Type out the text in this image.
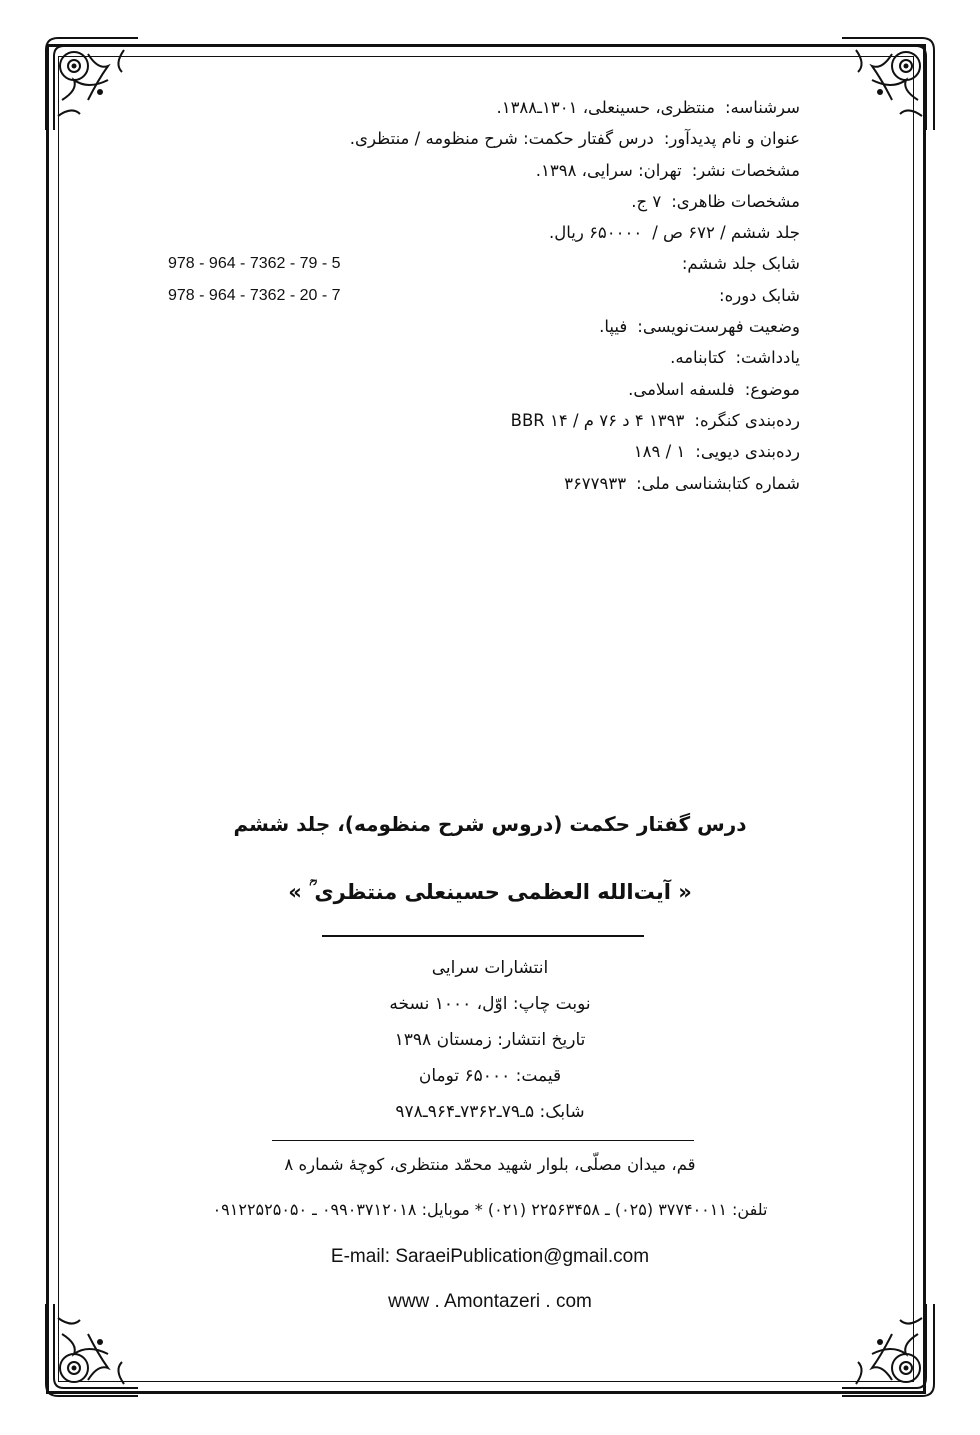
سرشناسه:منتظری، حسینعلی، ۱۳۰۱ـ۱۳۸۸.
عنوان و نام پدیدآور:درس گفتار حکمت: شرح منظومه / منتظری.
مشخصات نشر:تهران: سرایی، ۱۳۹۸.
مشخصات ظاهری:۷ ج.
جلد ششم / ۶۷۲ ص /۶۵۰۰۰۰ ریال.
شابک جلد ششم:
978 - 964 - 7362 - 79 - 5
شابک دوره:
978 - 964 - 7362 - 20 - 7
وضعیت فهرست‌نویسی:فیپا.
یادداشت:کتابنامه.
موضوع:فلسفه اسلامی.
رده‌بندی کنگره:۱۳۹۳ ۴ د ۷۶ م / BBR ۱۴
رده‌بندی دیویی:۱ / ۱۸۹
شماره کتابشناسی ملی:۳۶۷۷۹۳۳
درس گفتار حکمت (دروس شرح منظومه)، جلد ششم
« آیت‌الله العظمی حسینعلی منتظری ؒ »
انتشارات سرایی
نوبت چاپ: اوّل، ۱۰۰۰ نسخه
تاریخ انتشار: زمستان ۱۳۹۸
قیمت: ۶۵۰۰۰ تومان
شابک: ۵ـ۷۹ـ۷۳۶۲ـ۹۶۴ـ۹۷۸
قم، میدان مصلّی، بلوار شهید محمّد منتظری، کوچهٔ شماره ۸
تلفن: ۳۷۷۴۰۰۱۱ (۰۲۵) ـ ۲۲۵۶۳۴۵۸ (۰۲۱) * موبایل: ۰۹۹۰۳۷۱۲۰۱۸ ـ ۰۹۱۲۲۵۲۵۰۵۰
E-mail: SaraeiPublication@gmail.com
www . Amontazeri . com
